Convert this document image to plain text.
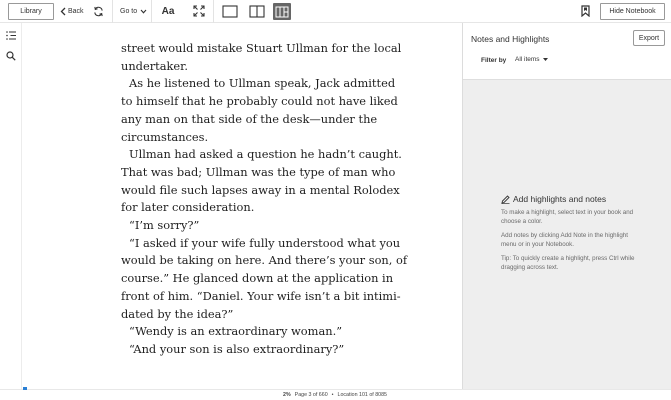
Library	Back	Go to Aa	Hide Notebook
street would mistake Stuart Ullman for the local
undertaker.
As he listened to Ullman speak, Jack admitted
to himself that he probably could not have liked
any man on that side of the desk—under the
circumstances.
Ullman had asked a question he hadn’t caught.
That was bad; Ullman was the type of man who
would file such lapses away in a mental Rolodex
for later consideration.
“I’m sorry?”
“I asked if your wife fully understood what you
would be taking on here. And there’s your son, of
course.” He glanced down at the application in
front of him. “Daniel. Your wife isn’t a bit intimi-
dated by the idea?”
“Wendy is an extraordinary woman.”
“And your son is also extraordinary?”
Notes and Highlights	Export
Filter by All items
Add highlights and notes

To make a highlight, select text in your book and choose a color.

Add notes by clicking Add Note in the highlight menu or in your Notebook.

Tip: To quickly create a highlight, press Ctrl while dragging across text.

2% Page 3 of 660 • Location 101 of 8085
